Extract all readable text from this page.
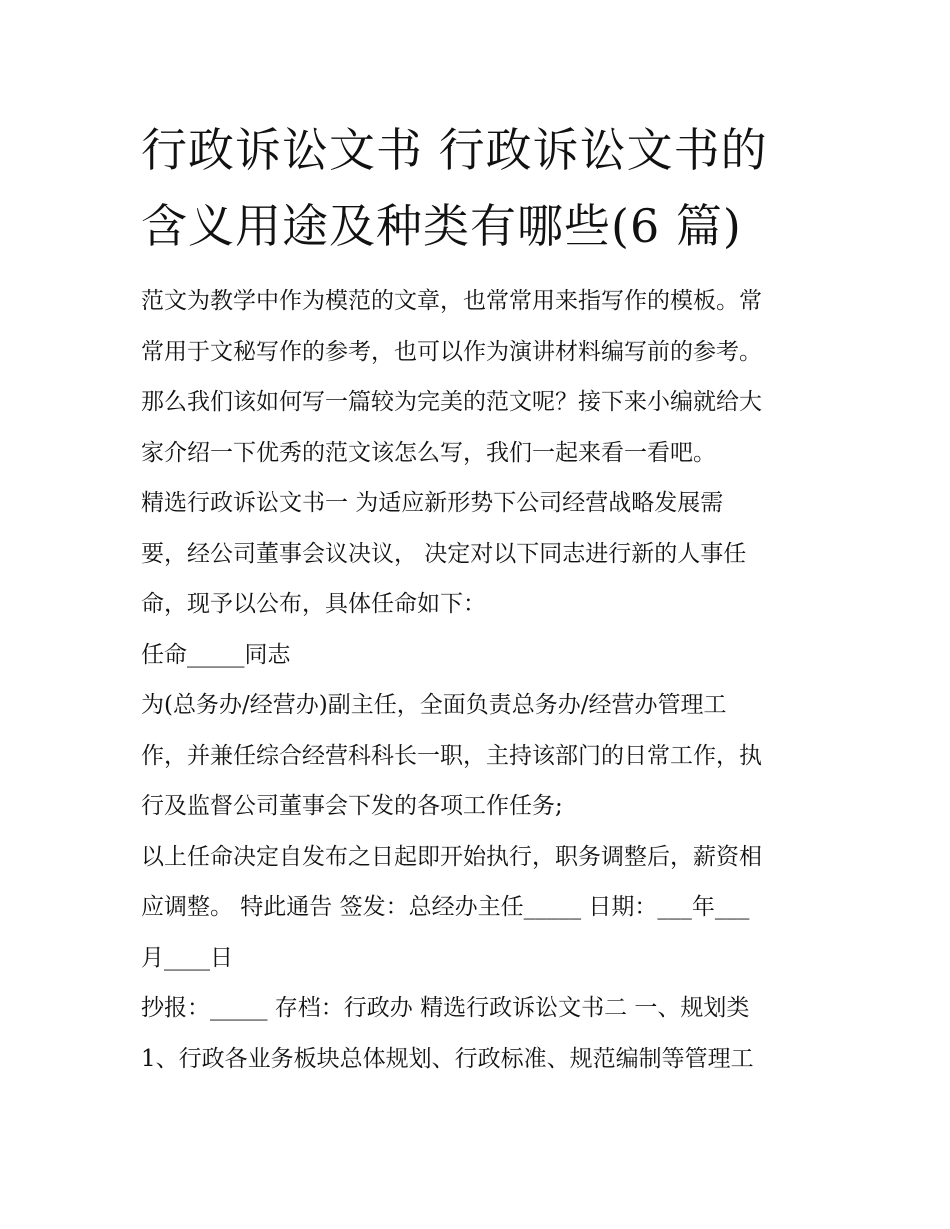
行政诉讼文书 行政诉讼文书的
含义用途及种类有哪些(6 篇)
范文为教学中作为模范的文章，也常常用来指写作的模板。常
常用于文秘写作的参考，也可以作为演讲材料编写前的参考。
那么我们该如何写一篇较为完美的范文呢？接下来小编就给大
家介绍一下优秀的范文该怎么写，我们一起来看一看吧。
精选行政诉讼文书一 为适应新形势下公司经营战略发展需
要，经公司董事会议决议， 决定对以下同志进行新的人事任
命，现予以公布，具体任命如下：
任命_____同志
为(总务办/经营办)副主任，全面负责总务办/经营办管理工
作，并兼任综合经营科科长一职，主持该部门的日常工作，执
行及监督公司董事会下发的各项工作任务;
以上任命决定自发布之日起即开始执行，职务调整后，薪资相
应调整。 特此通告 签发：总经办主任_____ 日期：___年___
月____日
抄报：_____ 存档：行政办 精选行政诉讼文书二 一、规划类
1、行政各业务板块总体规划、行政标准、规范编制等管理工
